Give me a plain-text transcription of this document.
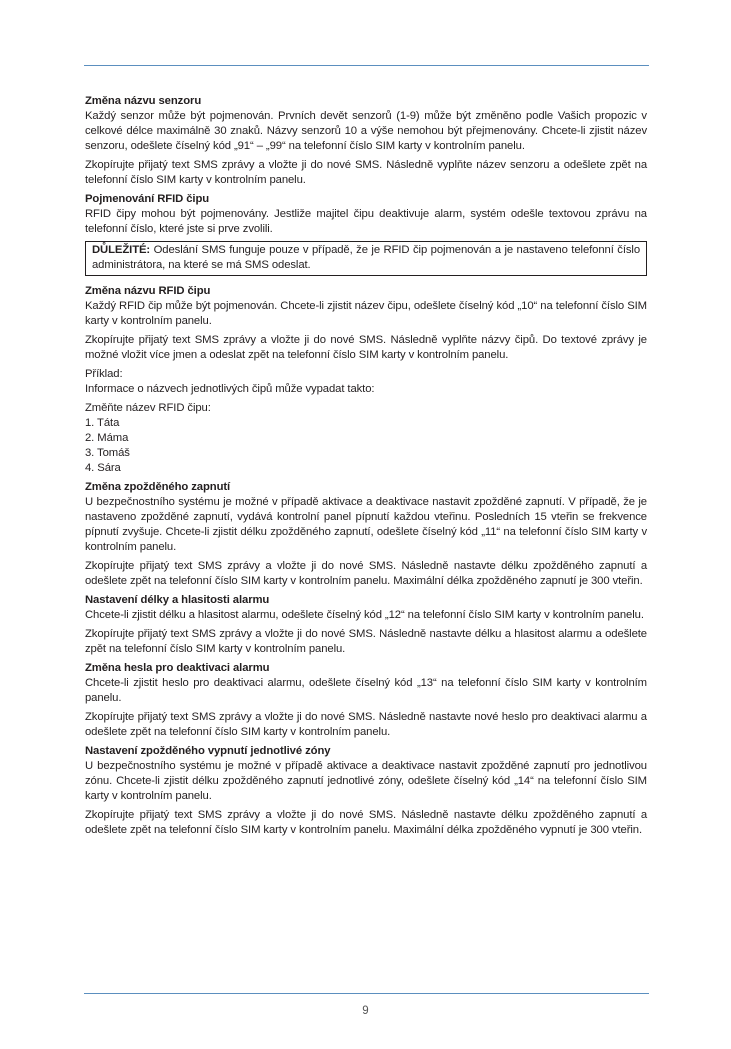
Změna názvu senzoru

Každý senzor může být pojmenován. Prvních devět senzorů (1-9) může být změněno podle Vašich propozic v celkové délce maximálně 30 znaků. Názvy senzorů 10 a výše nemohou být přejmenovány. Chcete-li zjistit název senzoru, odešlete číselný kód „91“ – „99“ na telefonní číslo SIM karty v kontrolním panelu.

Zkopírujte přijatý text SMS zprávy a vložte ji do nové SMS. Následně vyplňte název senzoru a odešlete zpět na telefonní číslo SIM karty v kontrolním panelu.

Pojmenování RFID čipu

RFID čipy mohou být pojmenovány. Jestliže majitel čipu deaktivuje alarm, systém odešle textovou zprávu na telefonní číslo, které jste si prve zvolili.

DŮLEŽITÉ: Odeslání SMS funguje pouze v případě, že je RFID čip pojmenován a je nastaveno telefonní číslo administrátora, na které se má SMS odeslat.
Změna názvu RFID čipu

Každý RFID čip může být pojmenován. Chcete-li zjistit název čipu, odešlete číselný kód „10“ na telefonní číslo SIM karty v kontrolním panelu.

Zkopírujte přijatý text SMS zprávy a vložte ji do nové SMS. Následně vyplňte názvy čipů. Do textové zprávy je možné vložit více jmen a odeslat zpět na telefonní číslo SIM karty v kontrolním panelu.

Příklad:
Informace o názvech jednotlivých čipů může vypadat takto:

Změňte název RFID čipu:
1. Táta
2. Máma
3. Tomáš
4. Sára

Změna zpožděného zapnutí

U bezpečnostního systému je možné v případě aktivace a deaktivace nastavit zpožděné zapnutí. V případě, že je nastaveno zpožděné zapnutí, vydává kontrolní panel pípnutí každou vteřinu. Posledních 15 vteřin se frekvence pípnutí zvyšuje. Chcete-li zjistit délku zpožděného zapnutí, odešlete číselný kód „11“ na telefonní číslo SIM karty v kontrolním panelu.

Zkopírujte přijatý text SMS zprávy a vložte ji do nové SMS. Následně nastavte délku zpožděného zapnutí a odešlete zpět na telefonní číslo SIM karty v kontrolním panelu. Maximální délka zpožděného zapnutí je 300 vteřin.

Nastavení délky a hlasitosti alarmu

Chcete-li zjistit délku a hlasitost alarmu, odešlete číselný kód „12“ na telefonní číslo SIM karty v kontrolním panelu.

Zkopírujte přijatý text SMS zprávy a vložte ji do nové SMS. Následně nastavte délku a hlasitost alarmu a odešlete zpět na telefonní číslo SIM karty v kontrolním panelu.

Změna hesla pro deaktivaci alarmu

Chcete-li zjistit heslo pro deaktivaci alarmu, odešlete číselný kód „13“ na telefonní číslo SIM karty v kontrolním panelu.

Zkopírujte přijatý text SMS zprávy a vložte ji do nové SMS. Následně nastavte nové heslo pro deaktivaci alarmu a odešlete zpět na telefonní číslo SIM karty v kontrolním panelu.

Nastavení zpožděného vypnutí jednotlivé zóny

U bezpečnostního systému je možné v případě aktivace a deaktivace nastavit zpožděné zapnutí pro jednotlivou zónu. Chcete-li zjistit délku zpožděného zapnutí jednotlivé zóny, odešlete číselný kód „14“ na telefonní číslo SIM karty v kontrolním panelu.

Zkopírujte přijatý text SMS zprávy a vložte ji do nové SMS. Následně nastavte délku zpožděného zapnutí a odešlete zpět na telefonní číslo SIM karty v kontrolním panelu. Maximální délka zpožděného vypnutí je 300 vteřin.

9
